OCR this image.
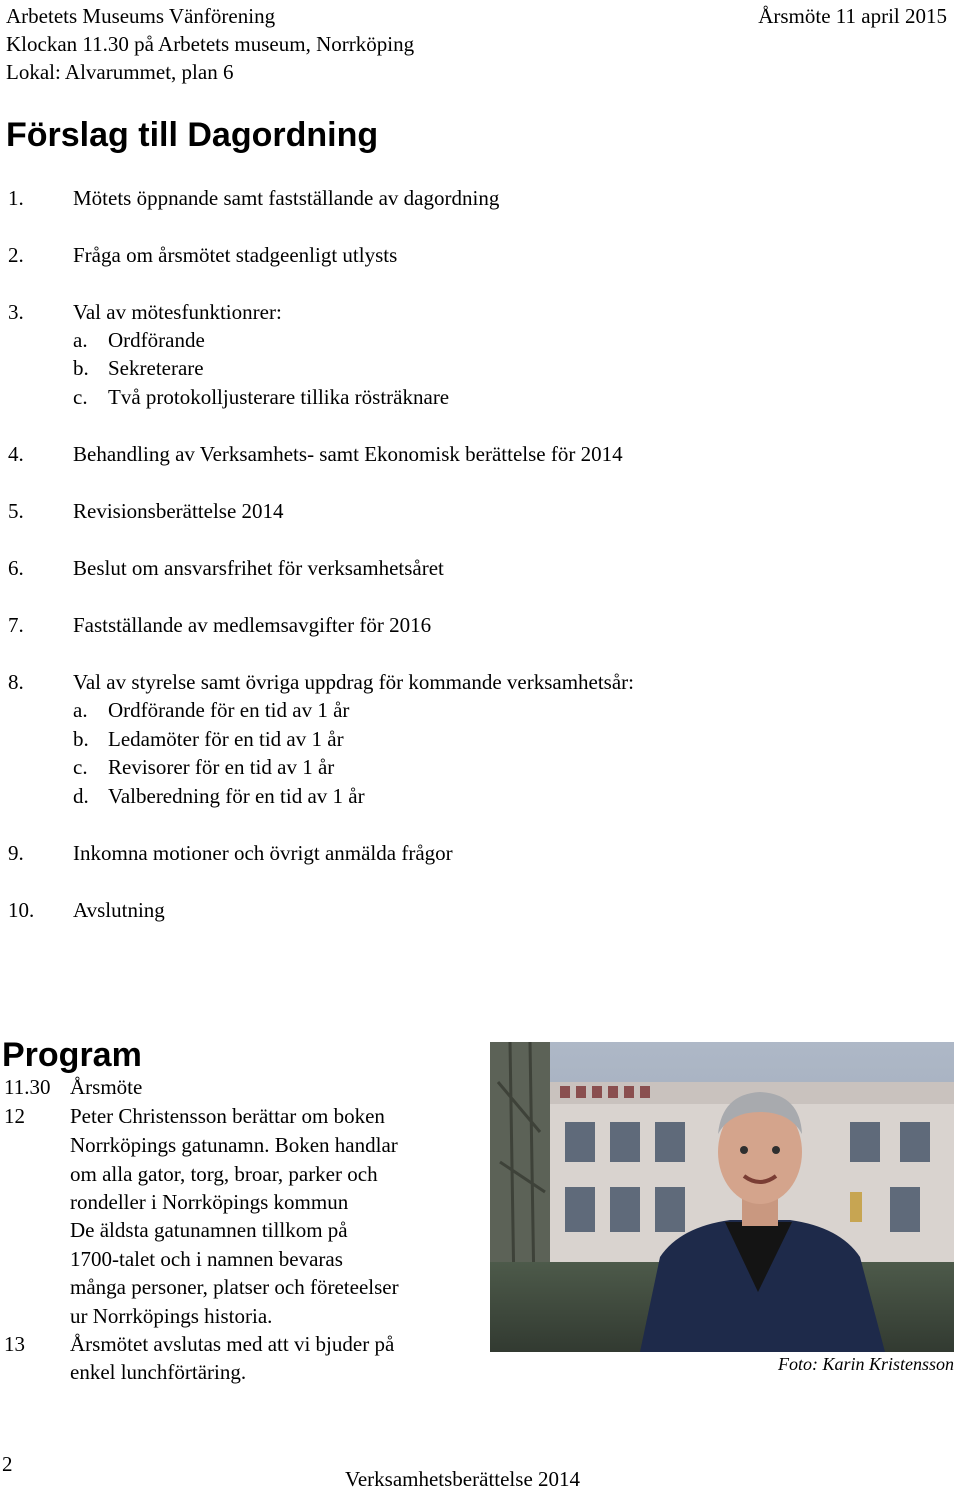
Arbetets Museums Vänförening	Årsmöte 11 april 2015
Klockan 11.30 på Arbetets museum, Norrköping
Lokal: Alvarummet, plan 6
Förslag till Dagordning
1. Mötets öppnande samt fastställande av dagordning
2. Fråga om årsmötet stadgeenligt utlysts
3. Val av mötesfunktionrer:
a. Ordförande
b. Sekreterare
c. Två protokolljusterare tillika rösträknare
4. Behandling av Verksamhets- samt Ekonomisk berättelse för 2014
5. Revisionsberättelse 2014
6. Beslut om ansvarsfrihet för verksamhetsåret
7. Fastställande av medlemsavgifter för 2016
8. Val av styrelse samt övriga uppdrag för kommande verksamhetsår:
a. Ordförande för en tid av 1 år
b. Ledamöter för en tid av 1 år
c. Revisorer för en tid av 1 år
d. Valberedning för en tid av 1 år
9. Inkomna motioner och övrigt anmälda frågor
10. Avslutning
Program
11.30 Årsmöte
12 Peter Christensson berättar om boken
Norrköpings gatunamn. Boken handlar
om alla gator, torg, broar, parker och
rondeller i Norrköpings kommun
De äldsta gatunamnen tillkom på
1700-talet och i namnen bevaras
många personer, platser och företeelser
ur Norrköpings historia.
13 Årsmötet avslutas med att vi bjuder på
enkel lunchförtäring.	Foto: Karin Kristensson
2
Verksamhetsberättelse 2014
